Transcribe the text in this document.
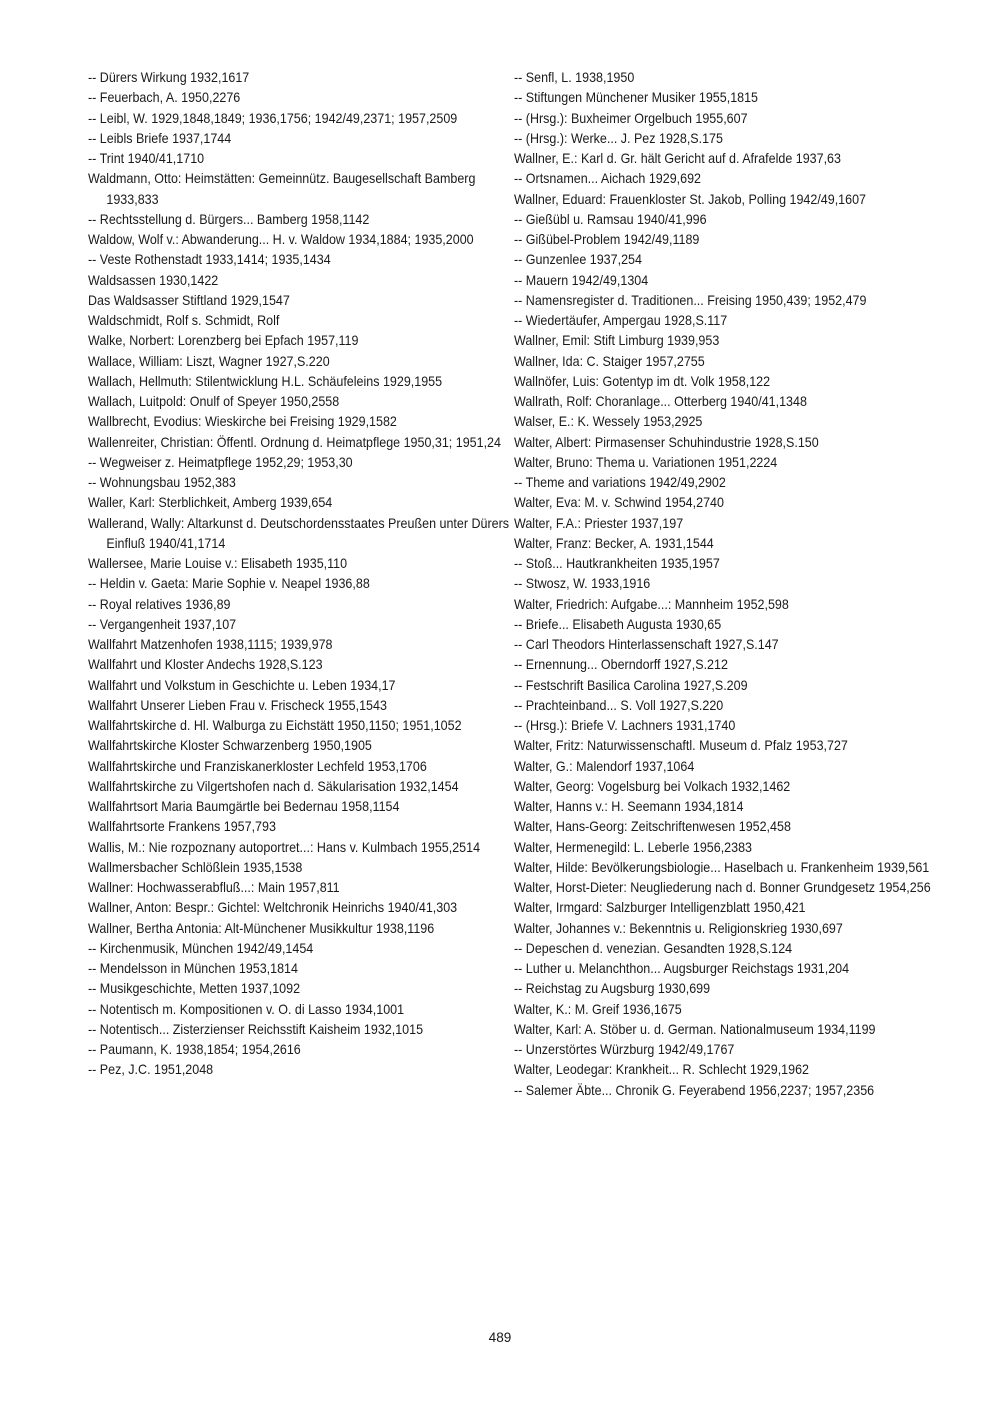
-- Dürers Wirkung 1932,1617

-- Feuerbach, A. 1950,2276

-- Leibl, W. 1929,1848,1849; 1936,1756; 1942/49,2371; 1957,2509

-- Leibls Briefe 1937,1744

-- Trint 1940/41,1710

Waldmann, Otto: Heimstätten: Gemeinnütz. Baugesellschaft Bamberg 1933,833

-- Rechtsstellung d. Bürgers... Bamberg 1958,1142

Waldow, Wolf v.: Abwanderung... H. v. Waldow 1934,1884; 1935,2000

-- Veste Rothenstadt 1933,1414; 1935,1434

Waldsassen 1930,1422

Das Waldsasser Stiftland 1929,1547

Waldschmidt, Rolf s. Schmidt, Rolf

Walke, Norbert: Lorenzberg bei Epfach 1957,119

Wallace, William: Liszt, Wagner 1927,S.220

Wallach, Hellmuth: Stilentwicklung H.L. Schäufeleins 1929,1955

Wallach, Luitpold: Onulf of Speyer 1950,2558

Wallbrecht, Evodius: Wieskirche bei Freising 1929,1582

Wallenreiter, Christian: Öffentl. Ordnung d. Heimatpflege 1950,31; 1951,24

-- Wegweiser z. Heimatpflege 1952,29; 1953,30

-- Wohnungsbau 1952,383

Waller, Karl: Sterblichkeit, Amberg 1939,654

Wallerand, Wally: Altarkunst d. Deutschordensstaates Preußen unter Dürers Einfluß 1940/41,1714

Wallersee, Marie Louise v.: Elisabeth 1935,110

-- Heldin v. Gaeta: Marie Sophie v. Neapel 1936,88

-- Royal relatives 1936,89

-- Vergangenheit 1937,107

Wallfahrt Matzenhofen 1938,1115; 1939,978

Wallfahrt und Kloster Andechs 1928,S.123

Wallfahrt und Volkstum in Geschichte u. Leben 1934,17

Wallfahrt Unserer Lieben Frau v. Frischeck 1955,1543

Wallfahrtskirche d. Hl. Walburga zu Eichstätt 1950,1150; 1951,1052

Wallfahrtskirche Kloster Schwarzenberg 1950,1905

Wallfahrtskirche und Franziskanerkloster Lechfeld 1953,1706

Wallfahrtskirche zu Vilgertshofen nach d. Säkularisation 1932,1454

Wallfahrtsort Maria Baumgärtle bei Bedernau 1958,1154

Wallfahrtsorte Frankens 1957,793

Wallis, M.: Nie rozpoznany autoportret...: Hans v. Kulmbach 1955,2514

Wallmersbacher Schlößlein 1935,1538

Wallner: Hochwasserabfluß...: Main 1957,811

Wallner, Anton: Bespr.: Gichtel: Weltchronik Heinrichs 1940/41,303

Wallner, Bertha Antonia: Alt-Münchener Musikkultur 1938,1196

-- Kirchenmusik, München 1942/49,1454

-- Mendelsson in München 1953,1814

-- Musikgeschichte, Metten 1937,1092

-- Notentisch m. Kompositionen v. O. di Lasso 1934,1001

-- Notentisch... Zisterzienser Reichsstift Kaisheim 1932,1015

-- Paumann, K. 1938,1854; 1954,2616

-- Pez, J.C. 1951,2048

-- Senfl, L. 1938,1950

-- Stiftungen Münchener Musiker 1955,1815

-- (Hrsg.): Buxheimer Orgelbuch 1955,607

-- (Hrsg.): Werke... J. Pez 1928,S.175

Wallner, E.: Karl d. Gr. hält Gericht auf d. Afrafelde 1937,63

-- Ortsnamen... Aichach 1929,692

Wallner, Eduard: Frauenkloster St. Jakob, Polling 1942/49,1607

-- Gießübl u. Ramsau 1940/41,996

-- Gißübel-Problem 1942/49,1189

-- Gunzenlee 1937,254

-- Mauern 1942/49,1304

-- Namensregister d. Traditionen... Freising 1950,439; 1952,479

-- Wiedertäufer, Ampergau 1928,S.117

Wallner, Emil: Stift Limburg 1939,953

Wallner, Ida: C. Staiger 1957,2755

Wallnöfer, Luis: Gotentyp im dt. Volk 1958,122

Wallrath, Rolf: Choranlage... Otterberg 1940/41,1348

Walser, E.: K. Wessely 1953,2925

Walter, Albert: Pirmasenser Schuhindustrie 1928,S.150

Walter, Bruno: Thema u. Variationen 1951,2224

-- Theme and variations 1942/49,2902

Walter, Eva: M. v. Schwind 1954,2740

Walter, F.A.: Priester 1937,197

Walter, Franz: Becker, A. 1931,1544

-- Stoß... Hautkrankheiten 1935,1957

-- Stwosz, W. 1933,1916

Walter, Friedrich: Aufgabe...: Mannheim 1952,598

-- Briefe... Elisabeth Augusta 1930,65

-- Carl Theodors Hinterlassenschaft 1927,S.147

-- Ernennung... Oberndorff 1927,S.212

-- Festschrift Basilica Carolina 1927,S.209

-- Prachteinband... S. Voll 1927,S.220

-- (Hrsg.): Briefe V. Lachners 1931,1740

Walter, Fritz: Naturwissenschaftl. Museum d. Pfalz 1953,727

Walter, G.: Malendorf 1937,1064

Walter, Georg: Vogelsburg bei Volkach 1932,1462

Walter, Hanns v.: H. Seemann 1934,1814

Walter, Hans-Georg: Zeitschriftenwesen 1952,458

Walter, Hermenegild: L. Leberle 1956,2383

Walter, Hilde: Bevölkerungsbiologie... Haselbach u. Frankenheim 1939,561

Walter, Horst-Dieter: Neugliederung nach d. Bonner Grundgesetz 1954,256

Walter, Irmgard: Salzburger Intelligenzblatt 1950,421

Walter, Johannes v.: Bekenntnis u. Religionskrieg 1930,697

-- Depeschen d. venezian. Gesandten 1928,S.124

-- Luther u. Melanchthon... Augsburger Reichstags 1931,204

-- Reichstag zu Augsburg 1930,699

Walter, K.: M. Greif 1936,1675

Walter, Karl: A. Stöber u. d. German. Nationalmuseum 1934,1199

-- Unzerstörtes Würzburg 1942/49,1767

Walter, Leodegar: Krankheit... R. Schlecht 1929,1962

-- Salemer Äbte... Chronik G. Feyerabend 1956,2237; 1957,2356

489
